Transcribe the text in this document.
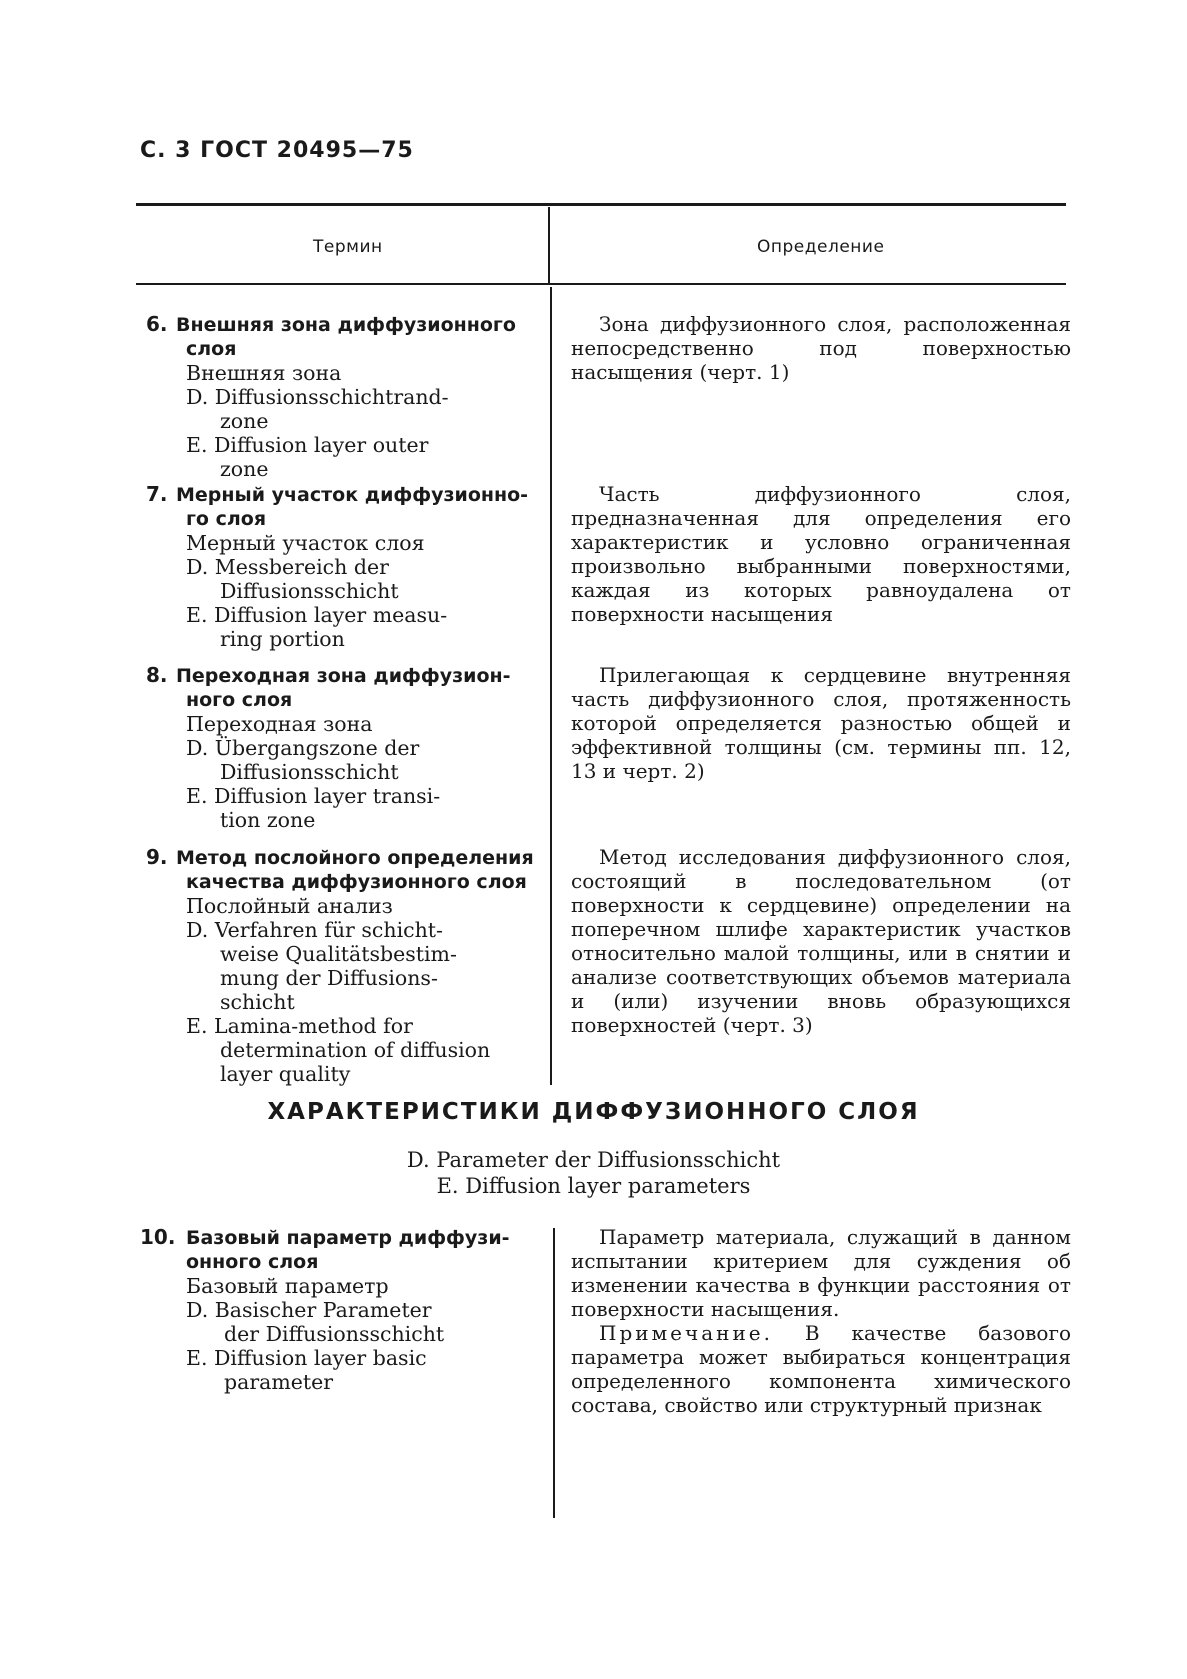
С. 3 ГОСТ 20495—75
Термин	Определение
6. Внешняя зона диффузионного
слоя
Внешняя зона
D. Diffusionsschichtrand-
zone
E. Diffusion layer outer
zone

Зона диффузионного слоя, расположенная непосредственно под поверхностью насыщения (черт. 1)

7. Мерный участок диффузионно-
го слоя
Мерный участок слоя
D. Messbereich der
Diffusionsschicht
E. Diffusion layer measu-
ring portion

Часть диффузионного слоя, предназначенная для определения его характеристик и условно ограниченная произвольно выбранными поверхностями, каждая из которых равноудалена от поверхности насыщения

8. Переходная зона диффузион-
ного слоя
Переходная зона
D. Übergangszone der
Diffusionsschicht
E. Diffusion layer transi-
tion zone

Прилегающая к сердцевине внутренняя часть диффузионного слоя, протяженность которой определяется разностью общей и эффективной толщины (см. термины пп. 12, 13 и черт. 2)

9. Метод послойного определения
качества диффузионного слоя
Послойный анализ
D. Verfahren für schicht-
weise Qualitätsbestim-
mung der Diffusions-
schicht
E. Lamina-method for
determination of diffusion
layer quality

Метод исследования диффузионного слоя, состоящий в последовательном (от поверхности к сердцевине) определении на поперечном шлифе характеристик участков относительно малой толщины, или в снятии и анализе соответствующих объемов материала и (или) изучении вновь образующихся поверхностей (черт. 3)

ХАРАКТЕРИСТИКИ ДИФФУЗИОННОГО СЛОЯ
D. Parameter der Diffusionsschicht
E. Diffusion layer parameters
10. Базовый параметр диффузи-
онного слоя
Базовый параметр
D. Basischer Parameter
der Diffusionsschicht
E. Diffusion layer basic
parameter

Параметр материала, служащий в данном испытании критерием для суждения об изменении качества в функции расстояния от поверхности насыщения.

Примечание. В качестве базового параметра может выбираться концентрация определенного компонента химического состава, свойство или структурный признак
